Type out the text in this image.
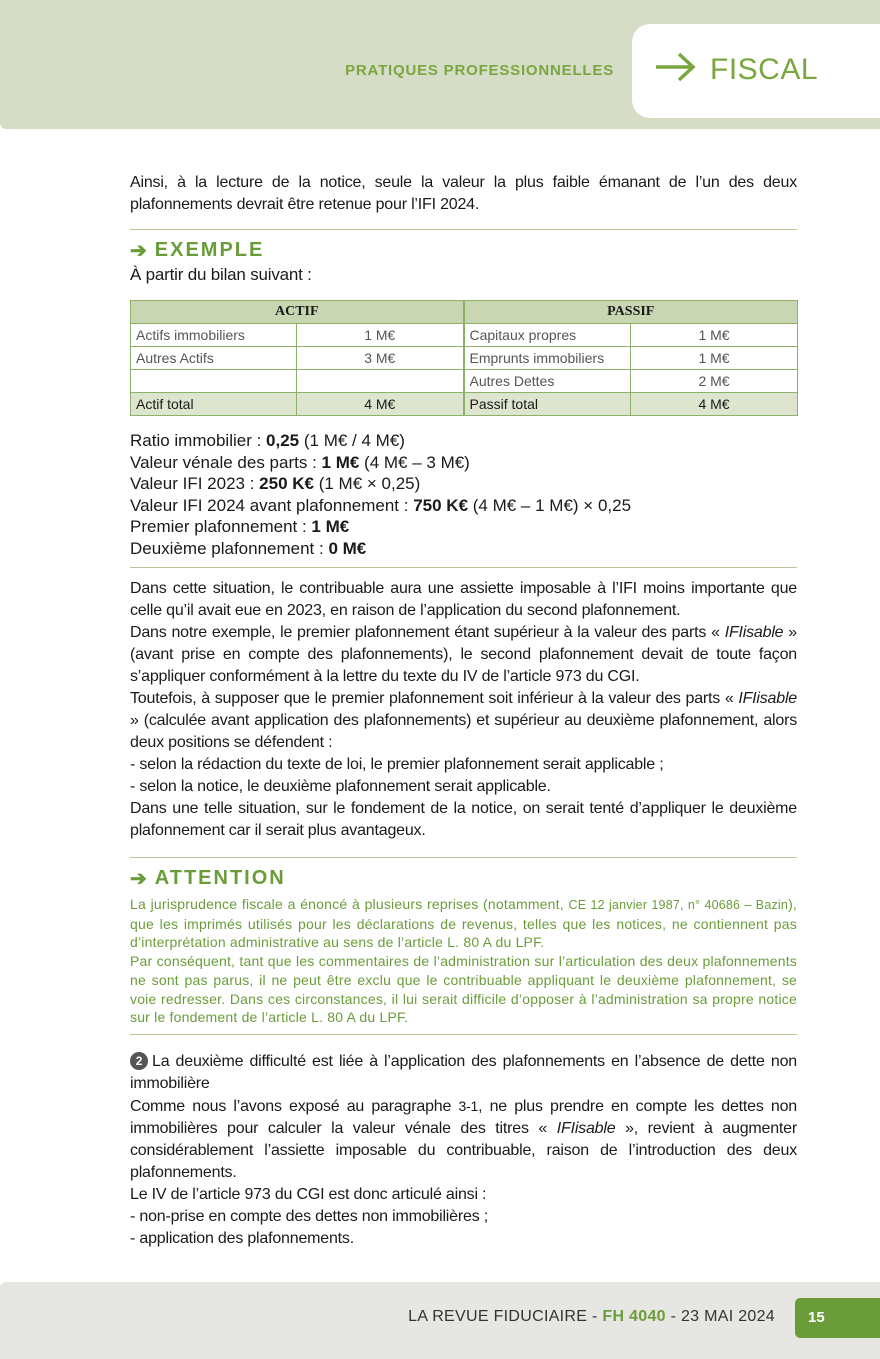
PRATIQUES PROFESSIONNELLES	FISCAL

Ainsi, à la lecture de la notice, seule la valeur la plus faible émanant de l’un des deux plafonnements devrait être retenue pour l’IFI 2024.

➔ EXEMPLE

À partir du bilan suivant :

ACTIF		PASSIF	
Actifs immobiliers	1 M€	Capitaux propres	1 M€
Autres Actifs	3 M€	Emprunts immobiliers	1 M€
		Autres Dettes	2 M€
Actif total	4 M€	Passif total	4 M€
Ratio immobilier : 0,25 (1 M€ / 4 M€)
Valeur vénale des parts : 1 M€ (4 M€ – 3 M€)
Valeur IFI 2023 : 250 K€ (1 M€ × 0,25)
Valeur IFI 2024 avant plafonnement : 750 K€ (4 M€ – 1 M€) × 0,25
Premier plafonnement : 1 M€
Deuxième plafonnement : 0 M€

Dans cette situation, le contribuable aura une assiette imposable à l’IFI moins importante que celle qu’il avait eue en 2023, en raison de l’application du second plafonnement.

Dans notre exemple, le premier plafonnement étant supérieur à la valeur des parts « IFIisable » (avant prise en compte des plafonnements), le second plafonnement devait de toute façon s’appliquer conformément à la lettre du texte du IV de l’article 973 du CGI.

Toutefois, à supposer que le premier plafonnement soit inférieur à la valeur des parts « IFIisable » (calculée avant application des plafonnements) et supérieur au deuxième plafonnement, alors deux positions se défendent :

- selon la rédaction du texte de loi, le premier plafonnement serait applicable ;

- selon la notice, le deuxième plafonnement serait applicable.

Dans une telle situation, sur le fondement de la notice, on serait tenté d’appliquer le deuxième plafonnement car il serait plus avantageux.

➔ ATTENTION

La jurisprudence fiscale a énoncé à plusieurs reprises (notamment, CE 12 janvier 1987, n° 40686 – Bazin), que les imprimés utilisés pour les déclarations de revenus, telles que les notices, ne contiennent pas d’interprétation administrative au sens de l’article L. 80 A du LPF.

Par conséquent, tant que les commentaires de l’administration sur l’articulation des deux plafonnements ne sont pas parus, il ne peut être exclu que le contribuable appliquant le deuxième plafonnement, se voie redresser. Dans ces circonstances, il lui serait difficile d’opposer à l’administration sa propre notice sur le fondement de l’article L. 80 A du LPF.

2 La deuxième difficulté est liée à l’application des plafonnements en l’absence de dette non immobilière

Comme nous l’avons exposé au paragraphe 3-1, ne plus prendre en compte les dettes non immobilières pour calculer la valeur vénale des titres « IFIisable », revient à augmenter considérablement l’assiette imposable du contribuable, raison de l’introduction des deux plafonnements.

Le IV de l’article 973 du CGI est donc articulé ainsi :

- non-prise en compte des dettes non immobilières ;

- application des plafonnements.

LA REVUE FIDUCIAIRE - FH 4040 - 23 MAI 2024	15
